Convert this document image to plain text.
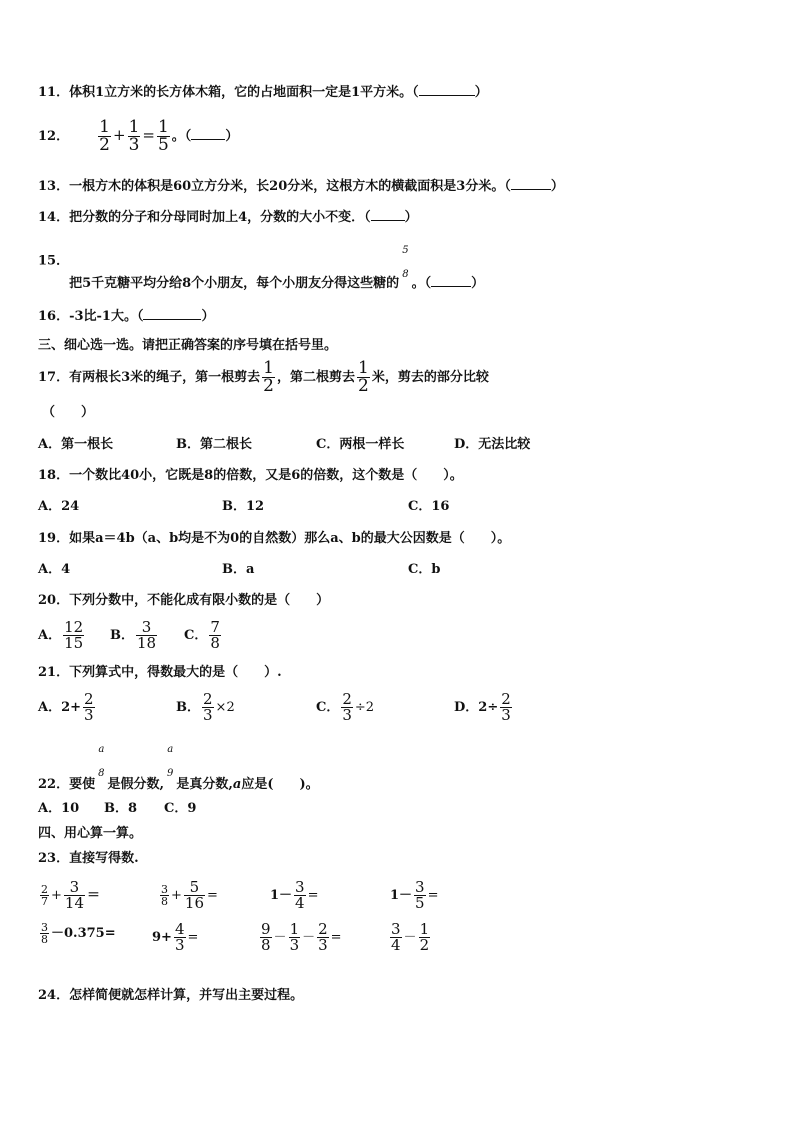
11．体积1立方米的长方体木箱，它的占地面积一定是1平方米。（	）
12． $\frac{1}{2} + \frac{1}{3} = \frac{1}{5}$ 。（	）
13．一根方木的体积是60立方分米，长20分米，这根方木的横截面积是3分米。（	）
14．把分数的分子和分母同时加上4，分数的大小不变．（	）
15．把5千克糖平均分给8个小朋友，每个小朋友分得这些糖的
5
8
。（	）
16．-3比-1大。（	）
三、细心选一选。请把正确答案的序号填在括号里。
17．有两根长3米的绳子，第一根剪去 $\frac{1}{2}$ ，第二根剪去 $\frac{1}{2}$ 米，剪去的部分比较
（　　）
A．第一根长	B．第二根长	C．两根一样长	D．无法比较
18．一个数比40小，它既是8的倍数，又是6的倍数，这个数是（　　）。
A．24	B．12	C．16
19．如果a＝4b（a、b均是不为0的自然数）那么a、b的最大公因数是（　　）。
A．4	B．a	C．b
20．下列分数中，不能化成有限小数的是（　　）
A． $\frac{12}{15}$ B． $\frac{3}{18}$ C． $\frac{7}{8}$
21．下列算式中，得数最大的是（　　）.
A．$2+ \frac{2}{3}$	B． $\frac{2}{3} \times 2$	C． $\frac{2}{3} \div 2$	D．$2\div \frac{2}{3}$
22．要使
a
8
是假分数,
a
9
是真分数,a应是(　　)。
A．10 B．8 C．9
四、用心算一算。
23．直接写得数.
$\frac{2}{7} + \frac{3}{14}$ ＝	$\frac{3}{8} + \frac{5}{16}$ =	$1- \frac{3}{4}$ =	$1- \frac{3}{5}$ =
$\frac{3}{8} -0.375=$	$9+ \frac{4}{3}$ =	$\frac{9}{8} - \frac{1}{3} - \frac{2}{3}$ =	$\frac{3}{4} - \frac{1}{2}$
24．怎样简便就怎样计算，并写出主要过程。
